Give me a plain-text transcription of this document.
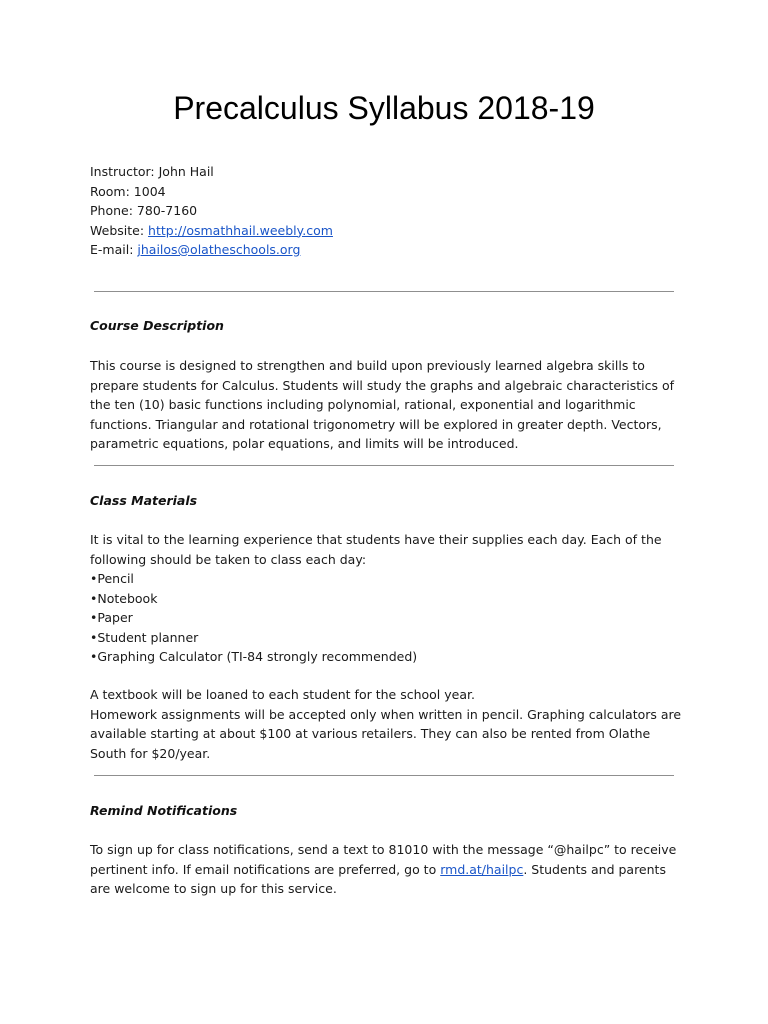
Precalculus Syllabus 2018-19
Instructor: John Hail
Room: 1004
Phone: 780-7160
Website: http://osmathhail.weebly.com
E-mail: jhailos@olatheschools.org
Course Description

This course is designed to strengthen and build upon previously learned algebra skills to
prepare students for Calculus. Students will study the graphs and algebraic characteristics of
the ten (10) basic functions including polynomial, rational, exponential and logarithmic
functions. Triangular and rotational trigonometry will be explored in greater depth. Vectors,
parametric equations, polar equations, and limits will be introduced.

Class Materials

It is vital to the learning experience that students have their supplies each day. Each of the
following should be taken to class each day:

•Pencil
•Notebook
•Paper
•Student planner
•Graphing Calculator (TI-84 strongly recommended)

A textbook will be loaned to each student for the school year.
Homework assignments will be accepted only when written in pencil. Graphing calculators are
available starting at about $100 at various retailers. They can also be rented from Olathe
South for $20/year.

Remind Notifications

To sign up for class notifications, send a text to 81010 with the message “@hailpc” to receive
pertinent info. If email notifications are preferred, go to rmd.at/hailpc. Students and parents
are welcome to sign up for this service.
